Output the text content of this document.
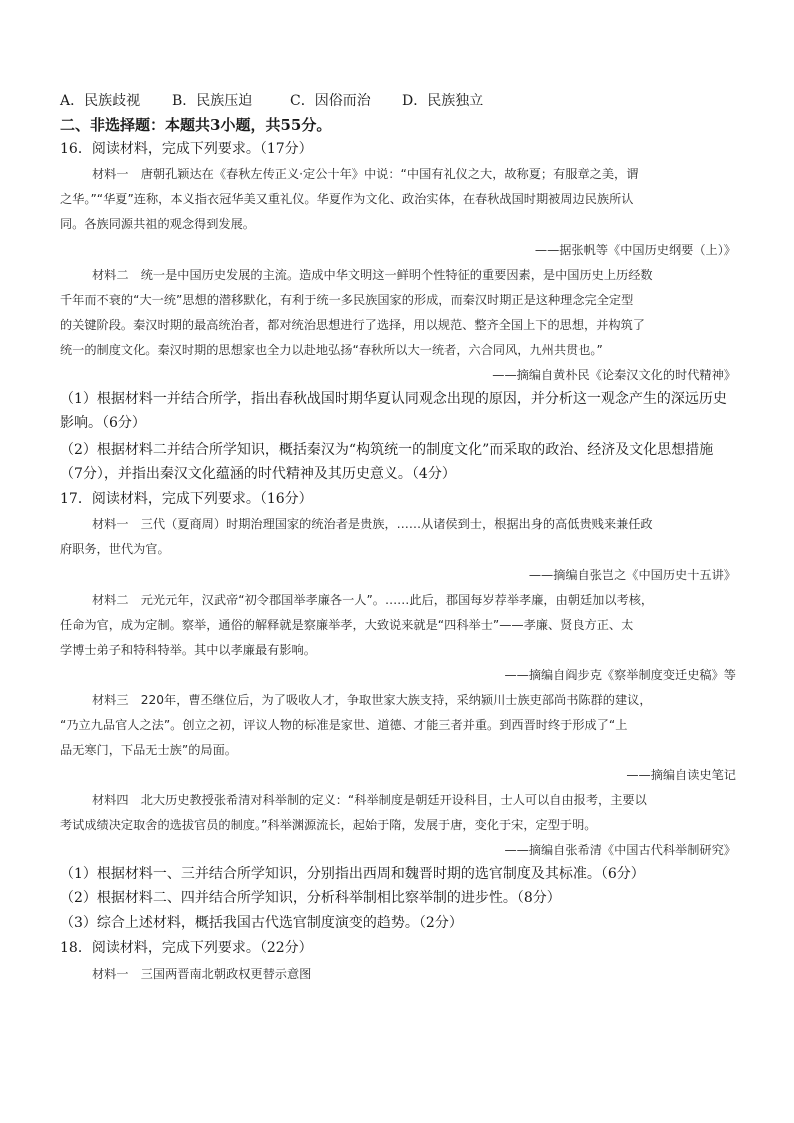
A．民族歧视	B．民族压迫	C．因俗而治	D．民族独立
二、非选择题：本题共3小题，共55分。
16．阅读材料，完成下列要求。（17分）
材料一　唐朝孔颖达在《春秋左传正义·定公十年》中说：“中国有礼仪之大，故称夏；有服章之美，谓
之华。”“华夏”连称，本义指衣冠华美又重礼仪。华夏作为文化、政治实体，在春秋战国时期被周边民族所认
同。各族同源共祖的观念得到发展。
——据张帆等《中国历史纲要（上）》
材料二　统一是中国历史发展的主流。造成中华文明这一鲜明个性特征的重要因素，是中国历史上历经数
千年而不衰的“大一统”思想的潜移默化，有利于统一多民族国家的形成，而秦汉时期正是这种理念完全定型
的关键阶段。秦汉时期的最高统治者，都对统治思想进行了选择，用以规范、整齐全国上下的思想，并构筑了
统一的制度文化。秦汉时期的思想家也全力以赴地弘扬“春秋所以大一统者，六合同风，九州共贯也。”
——摘编自黄朴民《论秦汉文化的时代精神》
（1）根据材料一并结合所学，指出春秋战国时期华夏认同观念出现的原因，并分析这一观念产生的深远历史
影响。（6分）
（2）根据材料二并结合所学知识，概括秦汉为“构筑统一的制度文化”而采取的政治、经济及文化思想措施
（7分），并指出秦汉文化蕴涵的时代精神及其历史意义。（4分）
17．阅读材料，完成下列要求。（16分）
材料一　三代（夏商周）时期治理国家的统治者是贵族，……从诸侯到士，根据出身的高低贵贱来兼任政
府职务，世代为官。
——摘编自张岂之《中国历史十五讲》
材料二　元光元年，汉武帝“初令郡国举孝廉各一人”。……此后，郡国每岁荐举孝廉，由朝廷加以考核，
任命为官，成为定制。察举，通俗的解释就是察廉举孝，大致说来就是“四科举士”——孝廉、贤良方正、太
学博士弟子和特科特举。其中以孝廉最有影响。
——摘编自阎步克《察举制度变迁史稿》等
材料三　220年，曹丕继位后，为了吸收人才，争取世家大族支持，采纳颍川士族吏部尚书陈群的建议，
“乃立九品官人之法”。创立之初，评议人物的标准是家世、道德、才能三者并重。到西晋时终于形成了“上
品无寒门，下品无士族”的局面。
——摘编自读史笔记
材料四　北大历史教授张希清对科举制的定义：“科举制度是朝廷开设科目，士人可以自由报考，主要以
考试成绩决定取舍的选拔官员的制度。”科举渊源流长，起始于隋，发展于唐，变化于宋，定型于明。
——摘编自张希清《中国古代科举制研究》
（1）根据材料一、三并结合所学知识，分别指出西周和魏晋时期的选官制度及其标准。（6分）
（2）根据材料二、四并结合所学知识，分析科举制相比察举制的进步性。（8分）
（3）综合上述材料，概括我国古代选官制度演变的趋势。（2分）
18．阅读材料，完成下列要求。（22分）
材料一　三国两晋南北朝政权更替示意图
